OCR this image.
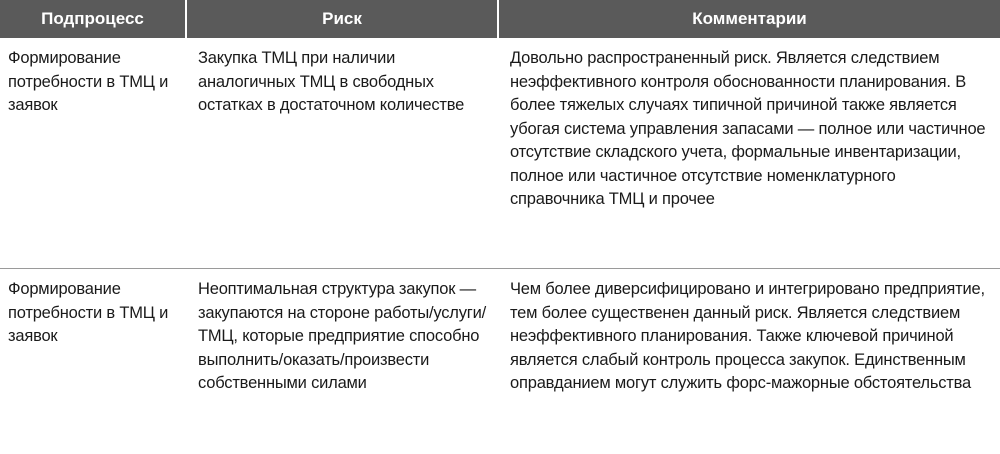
Подпроцесс	Риск	Комментарии
Формирование потребности в ТМЦ и заявок	Закупка ТМЦ при наличии аналогичных ТМЦ в свободных остатках в достаточном количестве	Довольно распространенный риск. Является следствием неэффективного контроля обоснованности планирования. В более тяжелых случаях типичной причиной также является убогая система управления запасами — полное или частичное отсутствие складского учета, формальные инвентаризации, полное или частичное отсутствие номенклатурного справочника ТМЦ и прочее
Формирование потребности в ТМЦ и заявок	Неоптимальная структура закупок — закупаются на стороне работы/услуги/ТМЦ, которые предприятие способно выполнить/оказать/произвести собственными силами	Чем более диверсифицировано и интегрировано предприятие, тем более существенен данный риск. Является следствием неэффективного планирования. Также ключевой причиной является слабый контроль процесса закупок. Единственным оправданием могут служить форс-мажорные обстоятельства
